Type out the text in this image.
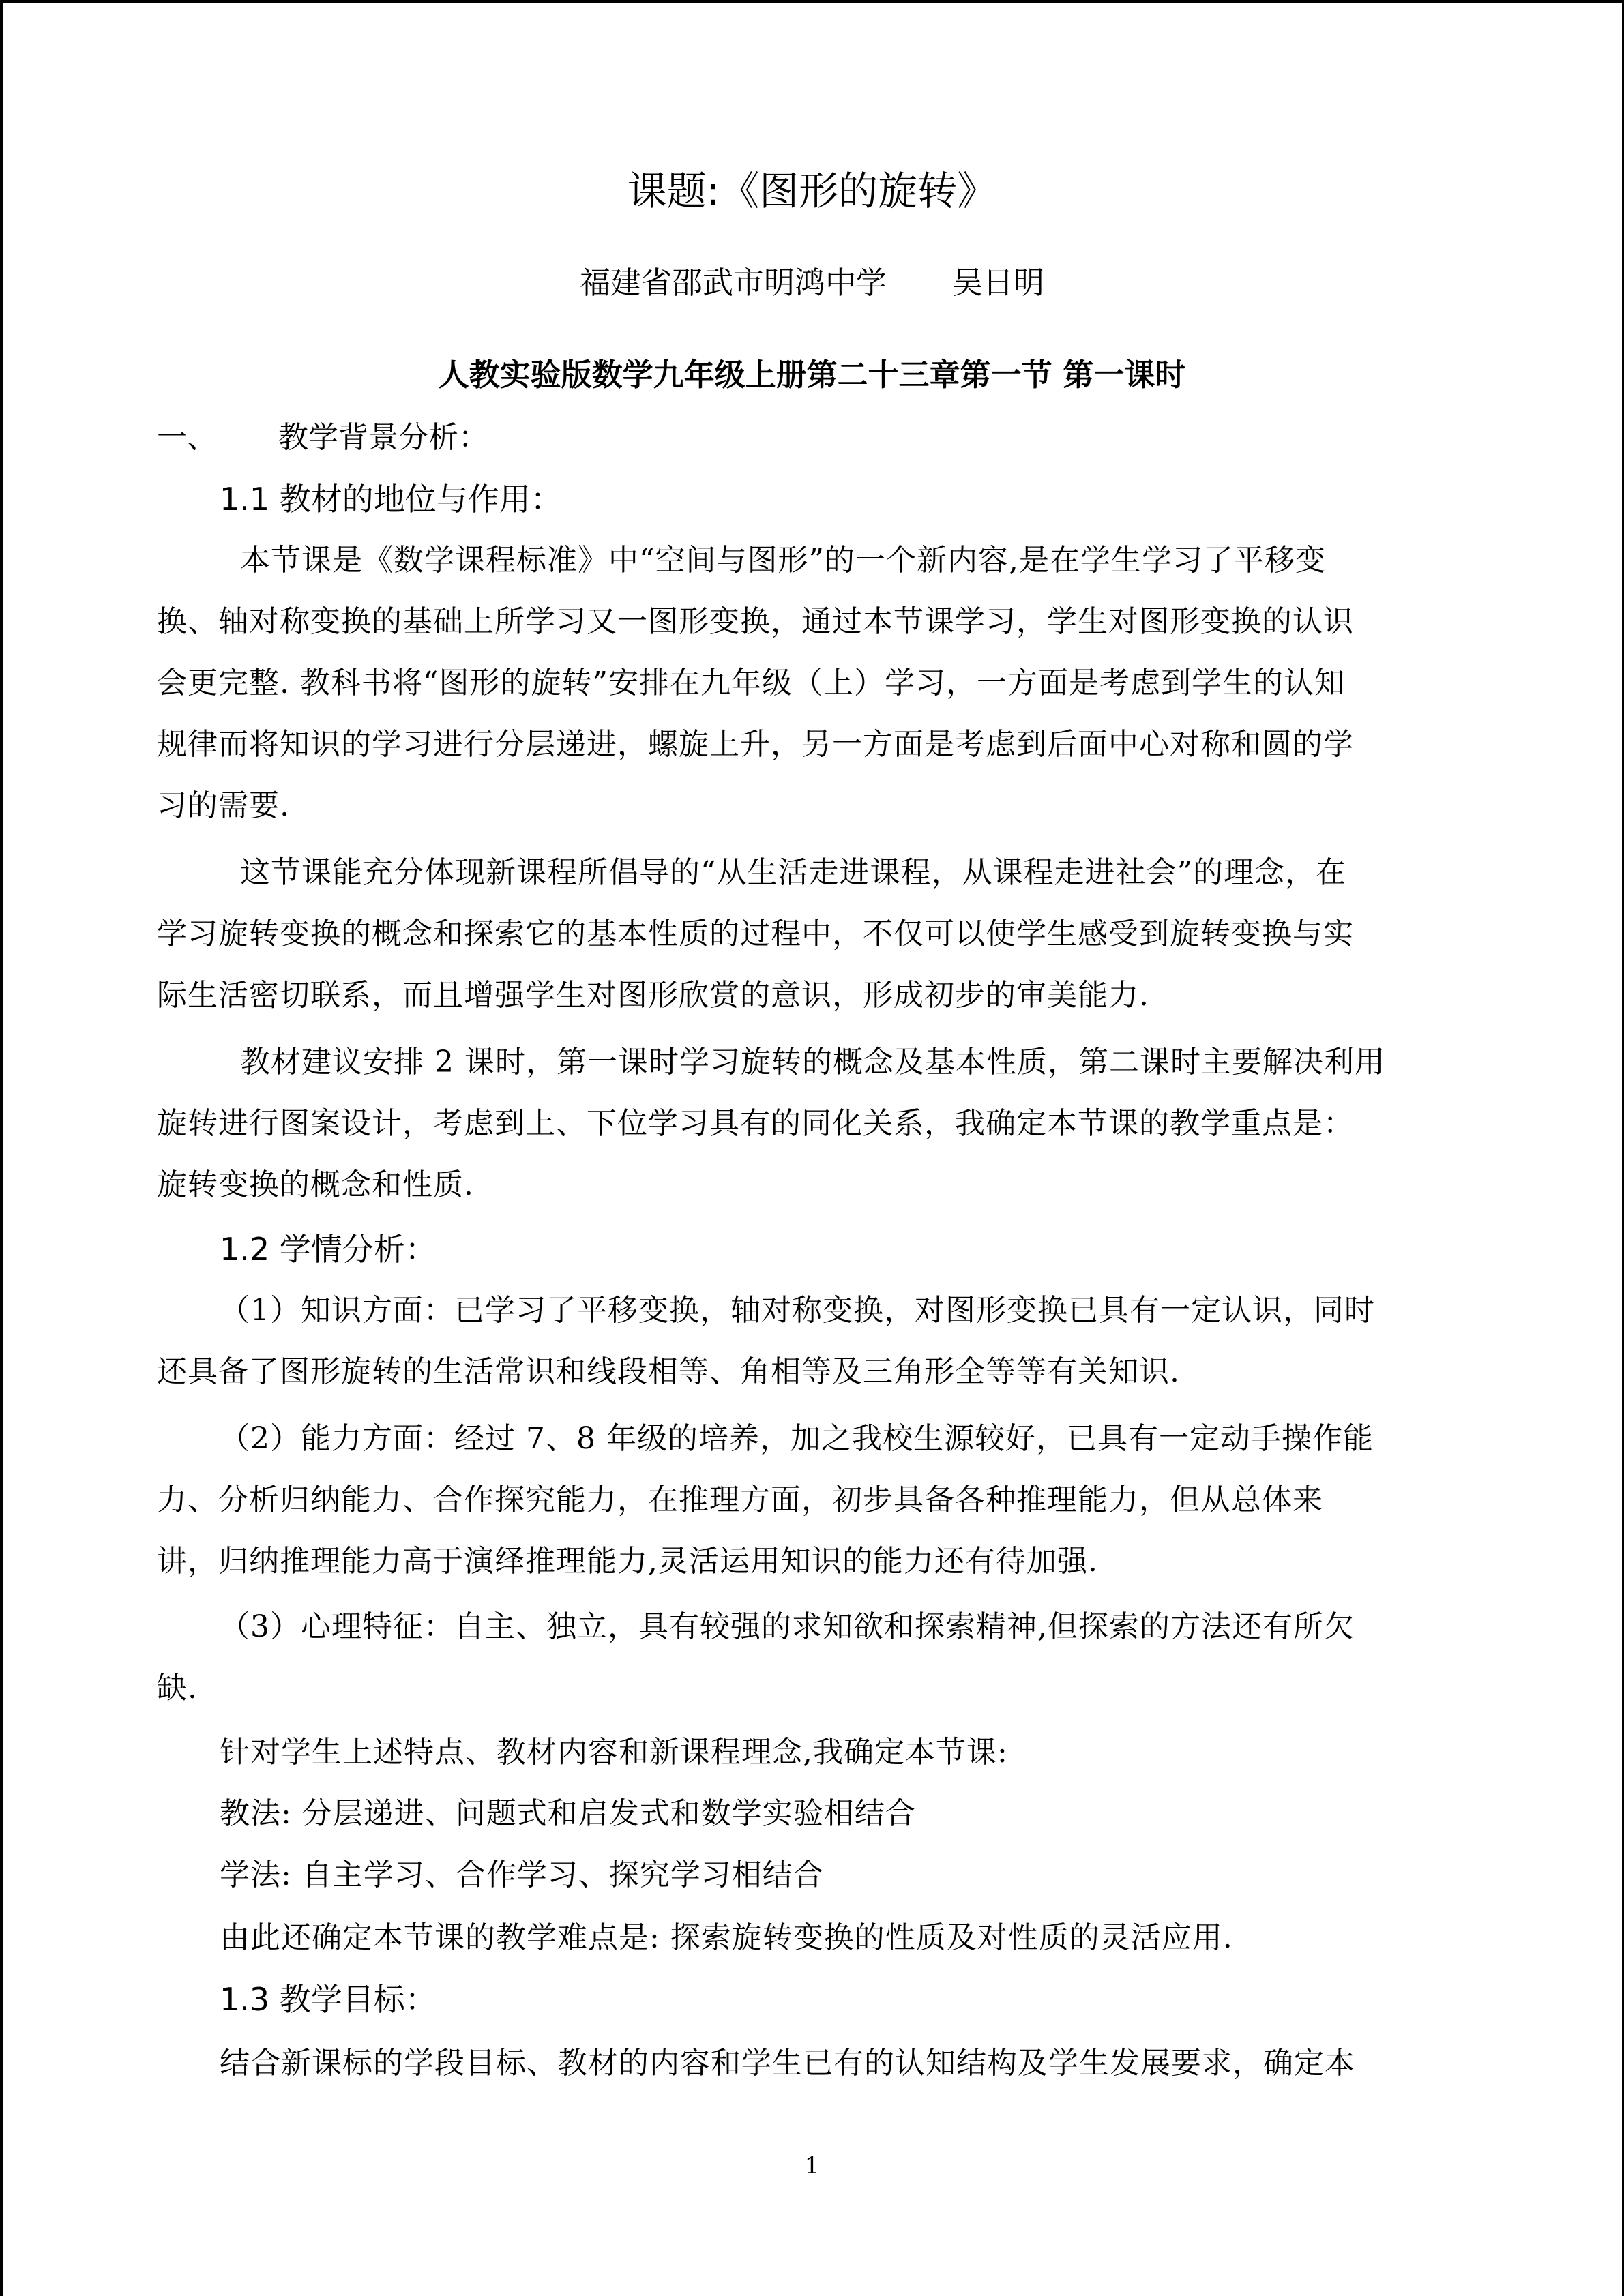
课题:《图形的旋转》
福建省邵武市明鸿中学 吴日明
人教实验版数学九年级上册第二十三章第一节 第一课时
一、 教学背景分析：
1.1 教材的地位与作用：
本节课是《数学课程标准》中“空间与图形”的一个新内容,是在学生学习了平移变
换、轴对称变换的基础上所学习又一图形变换，通过本节课学习，学生对图形变换的认识
会更完整. 教科书将“图形的旋转”安排在九年级（上）学习，一方面是考虑到学生的认知
规律而将知识的学习进行分层递进，螺旋上升，另一方面是考虑到后面中心对称和圆的学
习的需要.
这节课能充分体现新课程所倡导的“从生活走进课程，从课程走进社会”的理念，在
学习旋转变换的概念和探索它的基本性质的过程中，不仅可以使学生感受到旋转变换与实
际生活密切联系，而且增强学生对图形欣赏的意识，形成初步的审美能力.
教材建议安排 2 课时，第一课时学习旋转的概念及基本性质，第二课时主要解决利用
旋转进行图案设计，考虑到上、下位学习具有的同化关系，我确定本节课的教学重点是：
旋转变换的概念和性质.
1.2 学情分析：
（1）知识方面：已学习了平移变换，轴对称变换，对图形变换已具有一定认识，同时
还具备了图形旋转的生活常识和线段相等、角相等及三角形全等等有关知识.
（2）能力方面：经过 7、8 年级的培养，加之我校生源较好，已具有一定动手操作能
力、分析归纳能力、合作探究能力，在推理方面，初步具备各种推理能力，但从总体来
讲，归纳推理能力高于演绎推理能力,灵活运用知识的能力还有待加强.
（3）心理特征：自主、独立，具有较强的求知欲和探索精神,但探索的方法还有所欠
缺.
针对学生上述特点、教材内容和新课程理念,我确定本节课:
教法: 分层递进、问题式和启发式和数学实验相结合
学法: 自主学习、合作学习、探究学习相结合
由此还确定本节课的教学难点是: 探索旋转变换的性质及对性质的灵活应用.
1.3 教学目标：
结合新课标的学段目标、教材的内容和学生已有的认知结构及学生发展要求，确定本
1
